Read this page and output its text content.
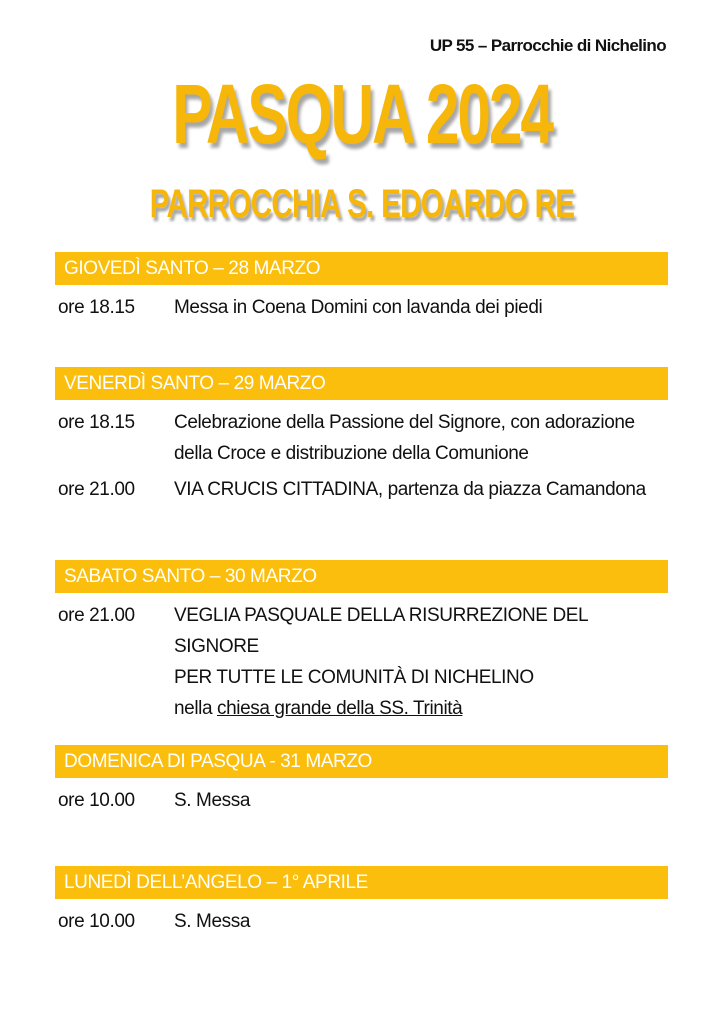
UP 55 – Parrocchie di Nichelino
PASQUA 2024
PARROCCHIA S. EDOARDO RE
GIOVEDÌ SANTO – 28 MARZO
ore 18.15	Messa in Coena Domini con lavanda dei piedi
VENERDÌ SANTO – 29 MARZO
ore 18.15	Celebrazione della Passione del Signore, con adorazione
della Croce e distribuzione della Comunione
ore 21.00	VIA CRUCIS CITTADINA, partenza da piazza Camandona
SABATO SANTO – 30 MARZO
ore 21.00	VEGLIA PASQUALE DELLA RISURREZIONE DEL SIGNORE
PER TUTTE LE COMUNITÀ DI NICHELINO
nella chiesa grande della SS. Trinità
DOMENICA DI PASQUA - 31 MARZO
ore 10.00	S. Messa
LUNEDÌ DELL’ANGELO – 1° APRILE
ore 10.00	S. Messa
